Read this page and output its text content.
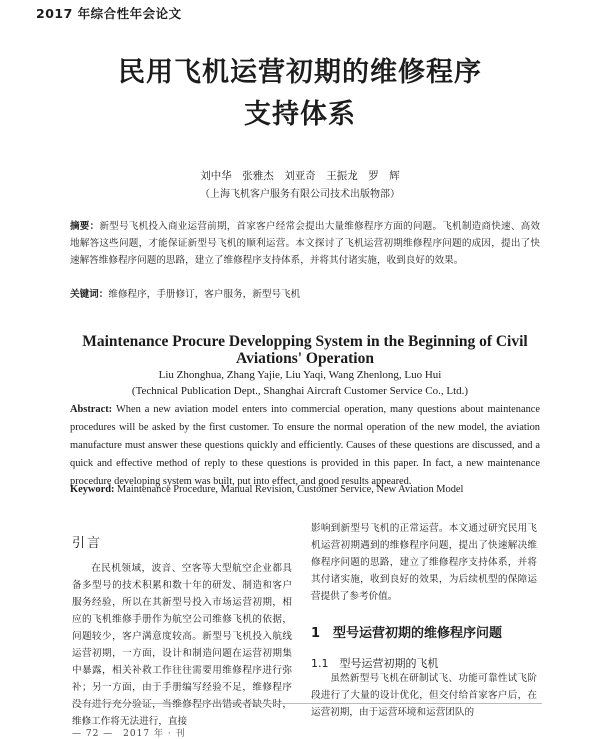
2017 年综合性年会论文
民用飞机运营初期的维修程序
支持体系
刘中华　张雅杰　刘亚奇　王振龙　罗　辉
（上海飞机客户服务有限公司技术出版物部）
摘要：新型号飞机投入商业运营前期，首家客户经常会提出大量维修程序方面的问题。飞机制造商快速、高效地解答这些问题，才能保证新型号飞机的顺利运营。本文探讨了飞机运营初期维修程序问题的成因，提出了快速解答维修程序问题的思路，建立了维修程序支持体系，并将其付诸实施，收到良好的效果。
关键词：维修程序，手册修订，客户服务，新型号飞机
Maintenance Procure Developping System in the Beginning of Civil Aviations' Operation
Liu Zhonghua, Zhang Yajie, Liu Yaqi, Wang Zhenlong, Luo Hui
(Technical Publication Dept., Shanghai Aircraft Customer Service Co., Ltd.)
Abstract: When a new aviation model enters into commercial operation, many questions about maintenance procedures will be asked by the first customer. To ensure the normal operation of the new model, the aviation manufacture must answer these questions quickly and efficiently. Causes of these questions are discussed, and a quick and effective method of reply to these questions is provided in this paper. In fact, a new maintenance procedure developing system was built, put into effect, and good results appeared.
Keyword: Maintenance Procedure, Manual Revision, Customer Service, New Aviation Model
引言
在民机领域，波音、空客等大型航空企业都具备多型号的技术积累和数十年的研发、制造和客户服务经验，所以在其新型号投入市场运营初期，相应的飞机维修手册作为航空公司维修飞机的依据，问题较少，客户满意度较高。新型号飞机投入航线运营初期，一方面，设计和制造问题在运营初期集中暴露，相关补救工作往往需要用维修程序进行弥补；另一方面，由于手册编写经验不足，维修程序没有进行充分验证，当维修程序出错或者缺失时，维修工作将无法进行，直接
影响到新型号飞机的正常运营。本文通过研究民用飞机运营初期遇到的维修程序问题，提出了快速解决维修程序问题的思路，建立了维修程序支持体系，并将其付诸实施，收到良好的效果，为后续机型的保障运营提供了参考价值。
1　型号运营初期的维修程序问题
1.1　型号运营初期的飞机
虽然新型号飞机在研制试飞、功能可靠性试飞阶段进行了大量的设计优化，但交付给首家客户后，在运营初期，由于运营环境和运营团队的
— 72 —　2017 年 · 刊
